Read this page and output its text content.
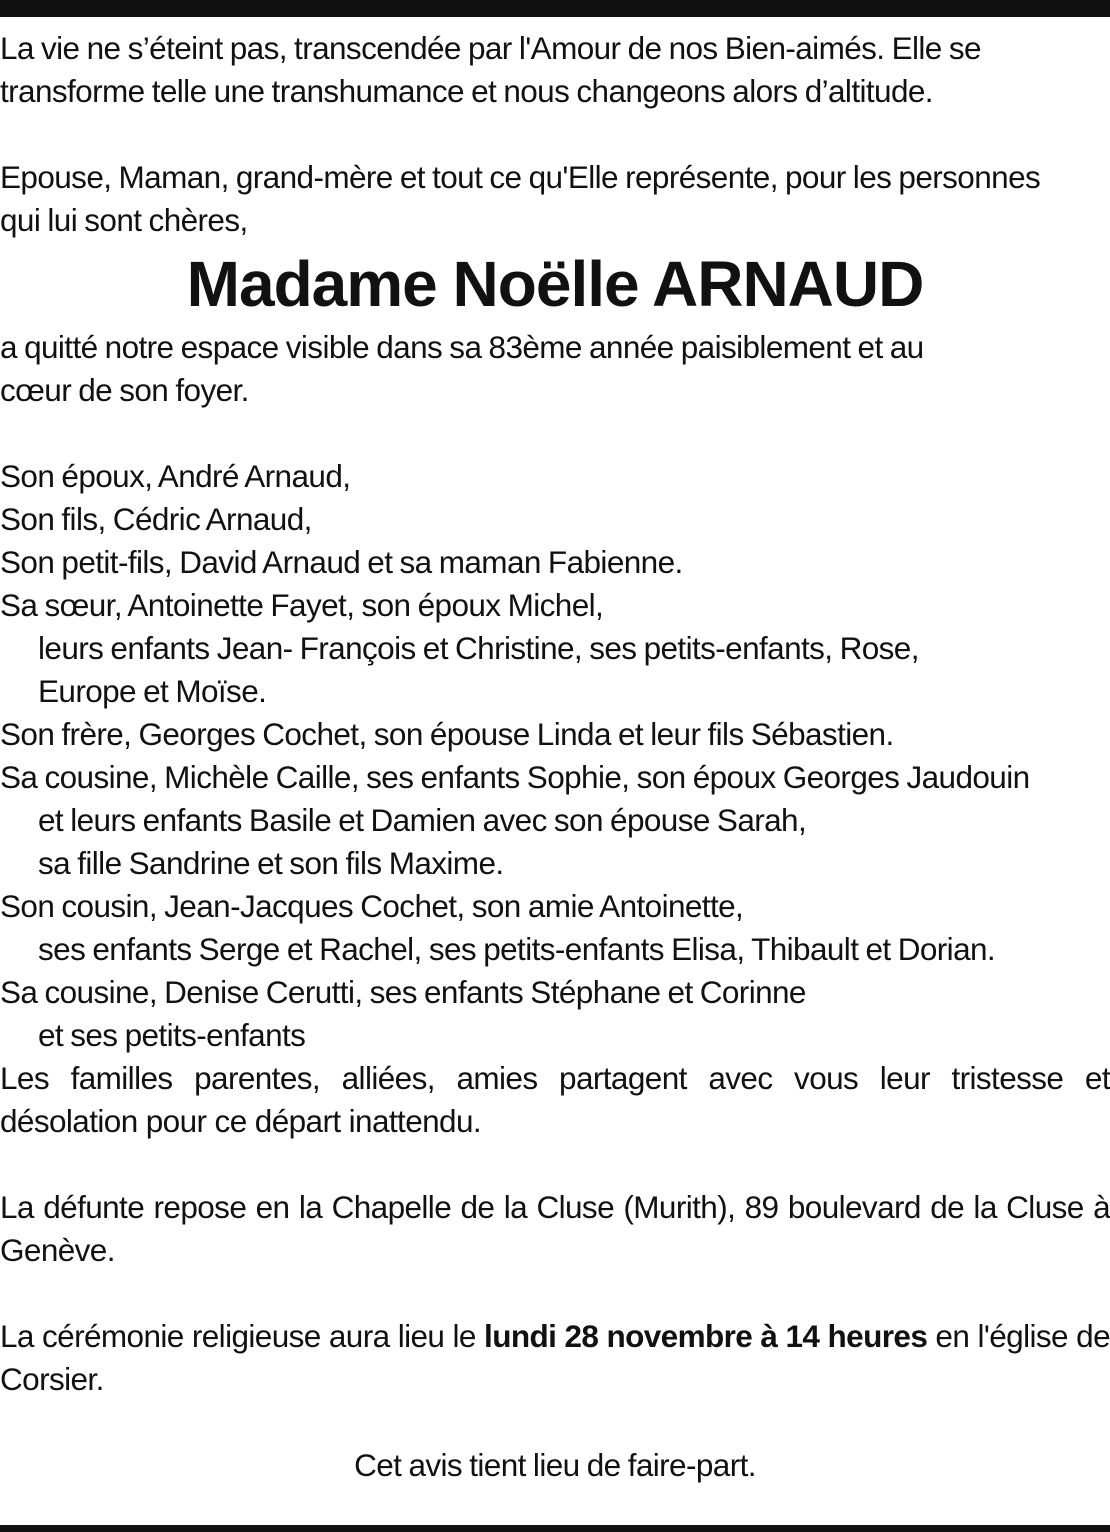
La vie ne s’éteint pas, transcendée par l'Amour de nos Bien-aimés. Elle se

transforme telle une transhumance et nous changeons alors d’altitude.

Epouse, Maman, grand-mère et tout ce qu'Elle représente, pour les personnes

qui lui sont chères,

Madame Noëlle ARNAUD

a quitté notre espace visible dans sa 83ème année paisiblement et au

cœur de son foyer.

Son époux, André Arnaud,

Son fils, Cédric Arnaud,

Son petit-fils, David Arnaud et sa maman Fabienne.

Sa sœur, Antoinette Fayet, son époux Michel,
leurs enfants Jean- François et Christine, ses petits-enfants, Rose,
Europe et Moïse.

Son frère, Georges Cochet, son épouse Linda et leur fils Sébastien.

Sa cousine, Michèle Caille, ses enfants Sophie, son époux Georges Jaudouin
et leurs enfants Basile et Damien avec son épouse Sarah,
sa fille Sandrine et son fils Maxime.

Son cousin, Jean-Jacques Cochet, son amie Antoinette,
ses enfants Serge et Rachel, ses petits-enfants Elisa, Thibault et Dorian.

Sa cousine, Denise Cerutti, ses enfants Stéphane et Corinne
et ses petits-enfants

Les familles parentes, alliées, amies partagent avec vous leur tristesse et désolation pour ce départ inattendu.

La défunte repose en la Chapelle de la Cluse (Murith), 89 boulevard de la Cluse à Genève.

La cérémonie religieuse aura lieu le lundi 28 novembre à 14 heures en l'église de Corsier.

Cet avis tient lieu de faire-part.
